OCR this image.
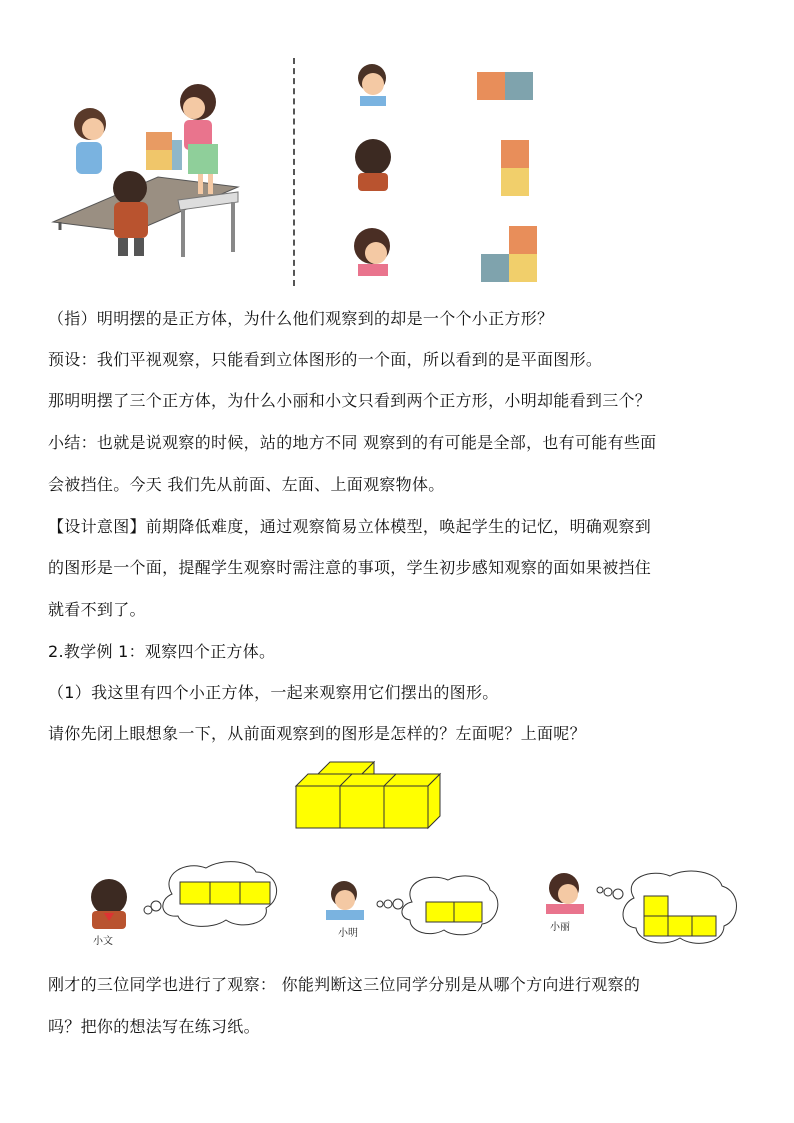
（指）明明摆的是正方体，为什么他们观察到的却是一个个小正方形？
预设：我们平视观察，只能看到立体图形的一个面，所以看到的是平面图形。
那明明摆了三个正方体，为什么小丽和小文只看到两个正方形，小明却能看到三个？
小结：也就是说观察的时候，站的地方不同 观察到的有可能是全部，也有可能有些面
会被挡住。今天 我们先从前面、左面、上面观察物体。
【设计意图】前期降低难度，通过观察简易立体模型，唤起学生的记忆，明确观察到
的图形是一个面，提醒学生观察时需注意的事项，学生初步感知观察的面如果被挡住
就看不到了。
2.教学例 1：观察四个正方体。
（1）我这里有四个小正方体，一起来观察用它们摆出的图形。
请你先闭上眼想象一下，从前面观察到的图形是怎样的？左面呢？上面呢？
小文
小明
小丽
刚才的三位同学也进行了观察： 你能判断这三位同学分别是从哪个方向进行观察的
吗？把你的想法写在练习纸。
